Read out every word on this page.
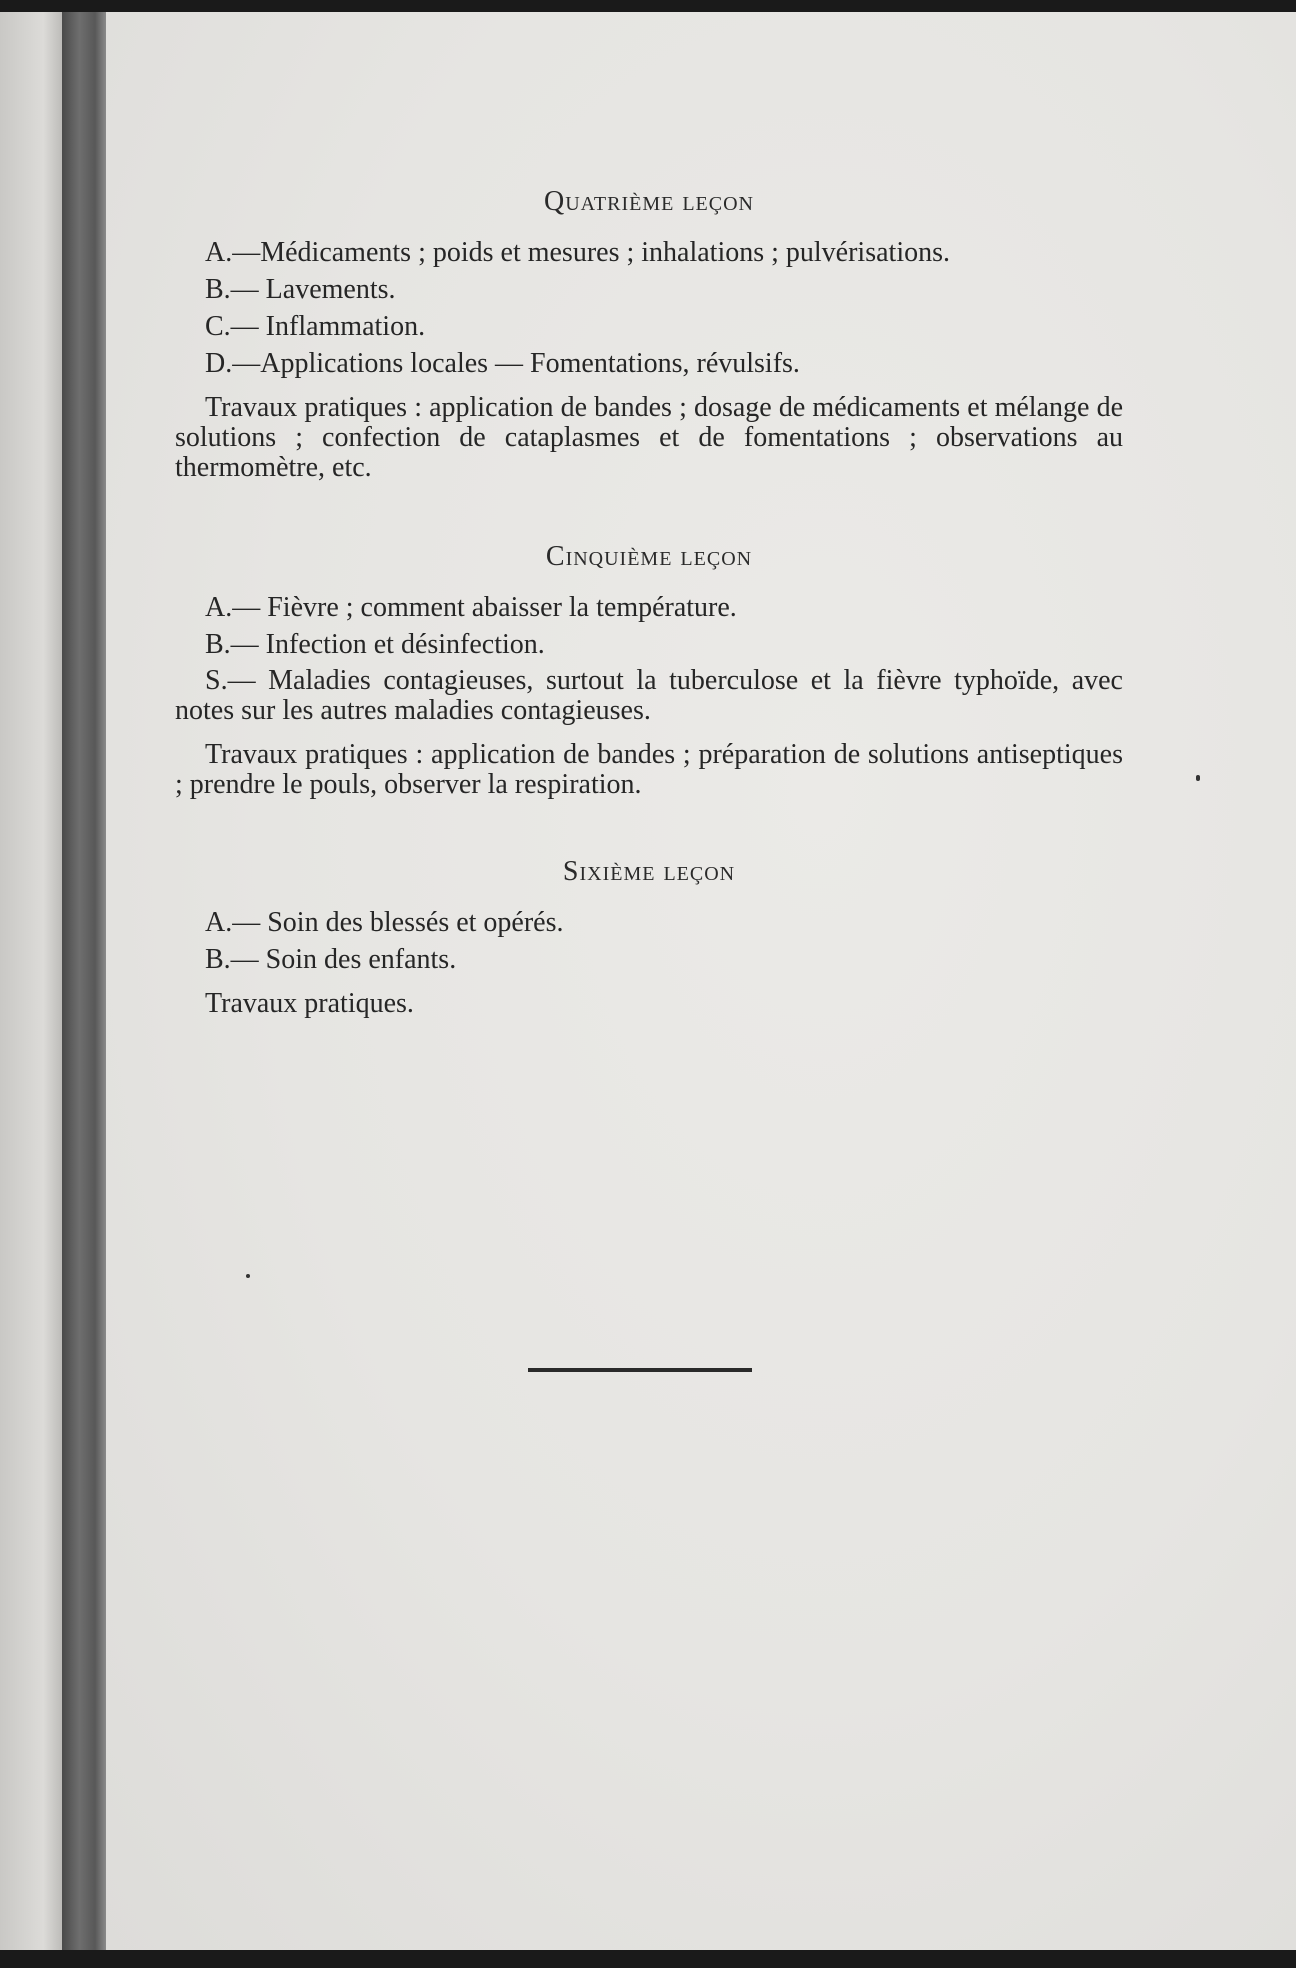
Quatrième leçon
A.—Médicaments ; poids et mesures ; inhalations ; pulvérisations.
B.— Lavements.
C.— Inflammation.
D.—Applications locales — Fomentations, révulsifs.
Travaux pratiques : application de bandes ; dosage de médicaments et mélange de solutions ; confection de cataplasmes et de fomentations ; observations au thermomètre, etc.
Cinquième leçon
A.— Fièvre ; comment abaisser la température.
B.— Infection et désinfection.
S.— Maladies contagieuses, surtout la tuberculose et la fièvre typhoïde, avec notes sur les autres maladies contagieuses.
Travaux pratiques : application de bandes ; préparation de solutions antiseptiques ; prendre le pouls, observer la respiration.
Sixième leçon
A.— Soin des blessés et opérés.
B.— Soin des enfants.
Travaux pratiques.
